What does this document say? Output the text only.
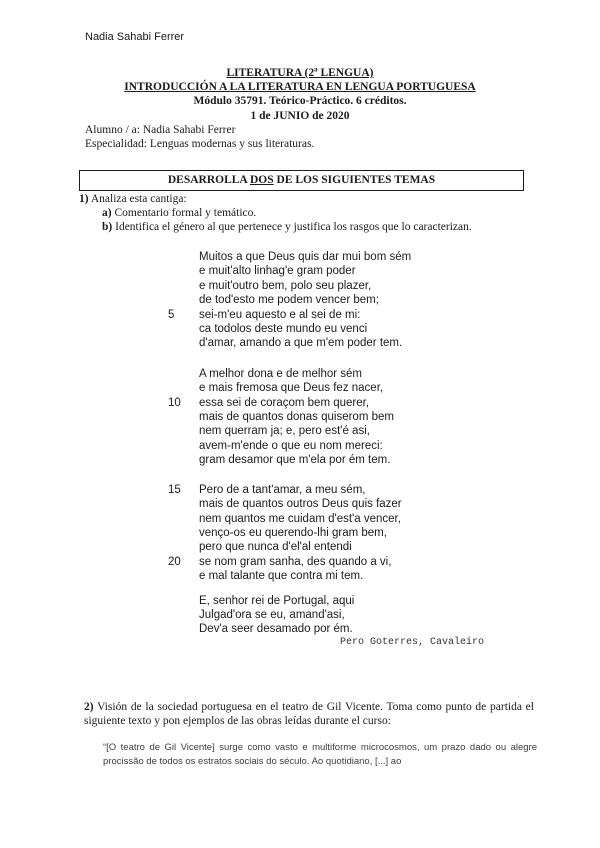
Nadia Sahabi Ferrer
LITERATURA (2ª LENGUA)
INTRODUCCIÓN A LA LITERATURA EN LENGUA PORTUGUESA
Módulo 35791. Teórico-Práctico. 6 créditos.
1 de JUNIO de 2020
Alumno / a: Nadia Sahabi Ferrer
Especialidad: Lenguas modernas y sus literaturas.
DESARROLLA DOS DE LOS SIGUIENTES TEMAS
1) Analiza esta cantiga:
a) Comentario formal y temático.
b) Identifica el género al que pertenece y justifica los rasgos que lo caracterizan.
Muitos a que Deus quis dar mui bom sém
e muit'alto linhag'e gram poder
e muit'outro bem, polo seu plazer,
de tod'esto me podem vencer bem;
5	sei-m'eu aquesto e al sei de mi:
ca todolos deste mundo eu venci
d'amar, amando a que m'em poder tem.
A melhor dona e de melhor sém
e mais fremosa que Deus fez nacer,
10	essa sei de coraçom bem querer,
mais de quantos donas quiserom bem
nem querram ja; e, pero est'é asi,
avem-m'ende o que eu nom mereci:
gram desamor que m'ela por ém tem.
15	Pero de a tant'amar, a meu sém,
mais de quantos outros Deus quis fazer
nem quantos me cuidam d'est'a vencer,
venço-os eu querendo-lhi gram bem,
pero que nunca d'el'al entendi
20	se nom gram sanha, des quando a vi,
e mal talante que contra mi tem.
E, senhor rei de Portugal, aqui
Julgad'ora se eu, amand'asi,
Dev'a seer desamado por ém.
Pero Goterres, Cavaleiro
2) Visión de la sociedad portuguesa en el teatro de Gil Vicente. Toma como punto de partida el siguiente texto y pon ejemplos de las obras leídas durante el curso:
“[O teatro de Gil Vicente] surge como vasto e multiforme microcosmos, um prazo dado ou alegre procissão de todos os estratos sociais do século. Ao quotidiano, [...] ao
